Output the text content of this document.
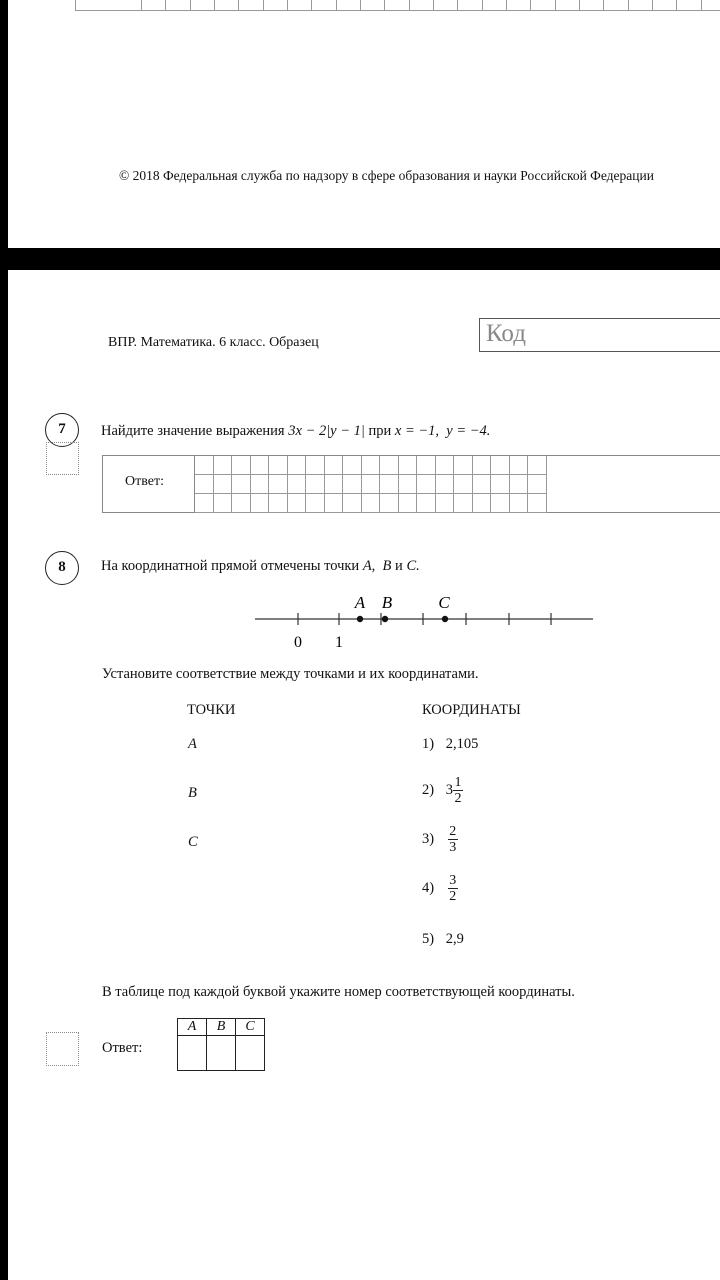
© 2018 Федеральная служба по надзору в сфере образования и науки Российской Федерации
ВПР. Математика. 6 класс. Образец	Код
7	Найдите значение выражения 3x − 2|y − 1| при x = −1,  y = −4.
Ответ:
8	На координатной прямой отмечены точки A,  B и C.
0 1
A B	C
Установите соответствие между точками и их координатами.
ТОЧКИ	КООРДИНАТЫ
A
B
C
1) 2,105
2) $3 \frac{1}{2}$
$3) \frac{2}{3}$
$4) \frac{3}{2}$
5) 2,9
В таблице под каждой буквой укажите номер соответствующей координаты.
Ответ:
A	B	C
